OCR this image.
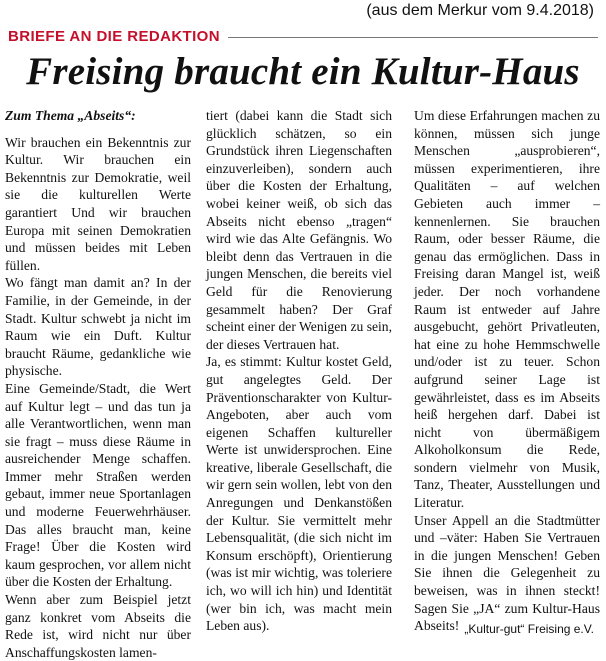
(aus dem Merkur vom 9.4.2018)
BRIEFE AN DIE REDAKTION
Freising braucht ein Kultur-Haus

Zum Thema „Abseits“:

Wir brauchen ein Bekenntnis zur Kultur. Wir brauchen ein Bekenntnis zur Demokratie, weil sie die kulturellen Werte garantiert Und wir brauchen Europa mit seinen Demokratien und müssen beides mit Leben füllen.

Wo fängt man damit an? In der Familie, in der Gemeinde, in der Stadt. Kultur schwebt ja nicht im Raum wie ein Duft. Kultur braucht Räume, gedankliche wie physische.

Eine Gemeinde/Stadt, die Wert auf Kultur legt – und das tun ja alle Verantwortlichen, wenn man sie fragt – muss diese Räume in ausreichender Menge schaffen. Immer mehr Straßen werden gebaut, immer neue Sportanlagen und moderne Feuerwehrhäuser. Das alles braucht man, keine Frage! Über die Kosten wird kaum gesprochen, vor allem nicht über die Kosten der Erhaltung.

Wenn aber zum Beispiel jetzt ganz konkret vom Abseits die Rede ist, wird nicht nur über Anschaffungskosten lamen-

tiert (dabei kann die Stadt sich glücklich schätzen, so ein Grundstück ihren Liegenschaften einzuverleiben), sondern auch über die Kosten der Erhaltung, wobei keiner weiß, ob sich das Abseits nicht ebenso „tragen“ wird wie das Alte Gefängnis. Wo bleibt denn das Vertrauen in die jungen Menschen, die bereits viel Geld für die Renovierung gesammelt haben? Der Graf scheint einer der Wenigen zu sein, der dieses Vertrauen hat.

Ja, es stimmt: Kultur kostet Geld, gut angelegtes Geld. Der Präventionscharakter von Kultur-Angeboten, aber auch vom eigenen Schaffen kultureller Werte ist unwidersprochen. Eine kreative, liberale Gesellschaft, die wir gern sein wollen, lebt von den Anregungen und Denkanstößen der Kultur. Sie vermittelt mehr Lebensqualität, (die sich nicht im Konsum erschöpft), Orientierung (was ist mir wichtig, was toleriere ich, wo will ich hin) und Identität (wer bin ich, was macht mein Leben aus).

Um diese Erfahrungen machen zu können, müssen sich junge Menschen „ausprobieren“, müssen experimentieren, ihre Qualitäten – auf welchen Gebieten auch immer – kennenlernen. Sie brauchen Raum, oder besser Räume, die genau das ermöglichen. Dass in Freising daran Mangel ist, weiß jeder. Der noch vorhandene Raum ist entweder auf Jahre ausgebucht, gehört Privatleuten, hat eine zu hohe Hemmschwelle und/oder ist zu teuer. Schon aufgrund seiner Lage ist gewährleistet, dass es im Abseits heiß hergehen darf. Dabei ist nicht von übermäßigem Alkoholkonsum die Rede, sondern vielmehr von Musik, Tanz, Theater, Ausstellungen und Literatur.

Unser Appell an die Stadtmütter und –väter: Haben Sie Vertrauen in die jungen Menschen! Geben Sie ihnen die Gelegenheit zu beweisen, was in ihnen steckt! Sagen Sie „JA“ zum Kultur-Haus Abseits! „Kultur-gut“ Freising e.V.
